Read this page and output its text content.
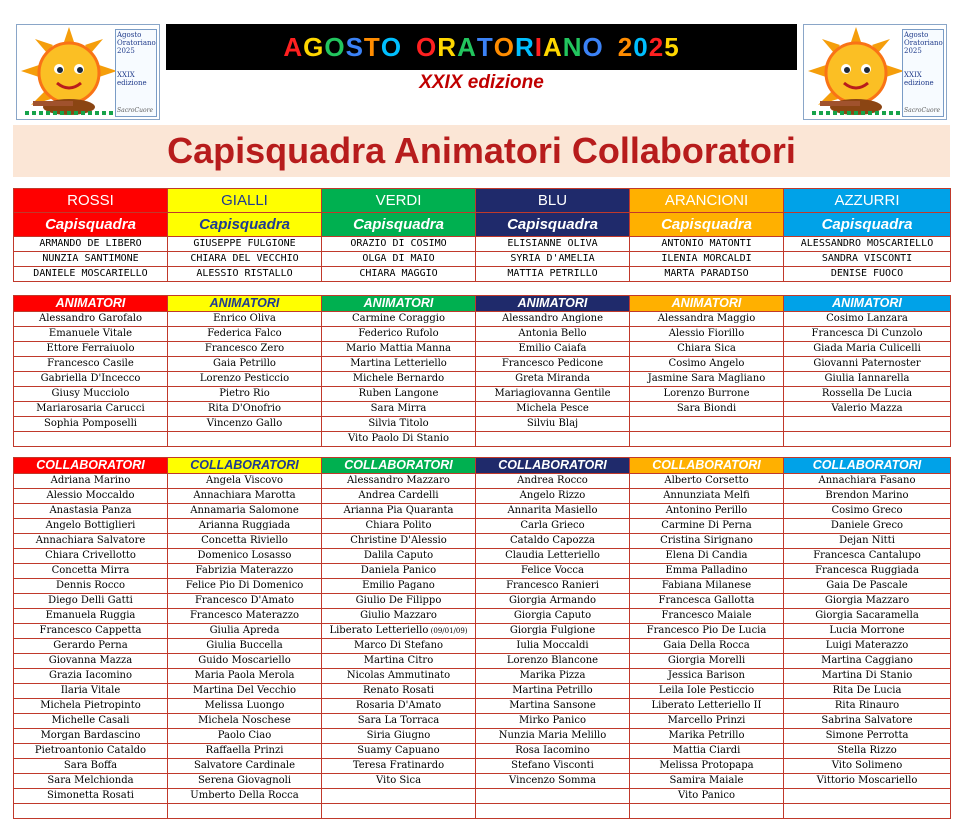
Agosto
Oratoriano
2025
XXIX
edizione
SacroCuore
Agosto
Oratoriano
2025
XXIX
edizione
SacroCuore
AGOSTO ORATORIANO 2025
XXIX edizione
Capisquadra Animatori Collaboratori
ROSSI	GIALLI	VERDI	BLU	ARANCIONI	AZZURRI
Capisquadra	Capisquadra	Capisquadra	Capisquadra	Capisquadra	Capisquadra
ARMANDO DE LIBERO	GIUSEPPE FULGIONE	ORAZIO DI COSIMO	ELISIANNE OLIVA	ANTONIO MATONTI	ALESSANDRO MOSCARIELLO
NUNZIA SANTIMONE	CHIARA DEL VECCHIO	OLGA DI MAIO	SYRIA D'AMELIA	ILENIA MORCALDI	SANDRA VISCONTI
DANIELE MOSCARIELLO	ALESSIO RISTALLO	CHIARA MAGGIO	MATTIA PETRILLO	MARTA PARADISO	DENISE FUOCO
ANIMATORI	ANIMATORI	ANIMATORI	ANIMATORI	ANIMATORI	ANIMATORI
Alessandro Garofalo	Enrico Oliva	Carmine Coraggio	Alessandro Angione	Alessandra Maggio	Cosimo Lanzara
Emanuele Vitale	Federica Falco	Federico Rufolo	Antonia Bello	Alessio Fiorillo	Francesca Di Cunzolo
Ettore Ferraiuolo	Francesco Zero	Mario Mattia Manna	Emilio Caiafa	Chiara Sica	Giada Maria Culicelli
Francesco Casile	Gaia Petrillo	Martina Letteriello	Francesco Pedicone	Cosimo Angelo	Giovanni Paternoster
Gabriella D'Incecco	Lorenzo Pesticcio	Michele Bernardo	Greta Miranda	Jasmine Sara Magliano	Giulia Iannarella
Giusy Mucciolo	Pietro Rio	Ruben Langone	Mariagiovanna Gentile	Lorenzo Burrone	Rossella De Lucia
Mariarosaria Carucci	Rita D'Onofrio	Sara Mirra	Michela Pesce	Sara Biondi	Valerio Mazza
Sophia Pomposelli	Vincenzo Gallo	Silvia Titolo	Silviu Blaj		
		Vito Paolo Di Stanio			
COLLABORATORI	COLLABORATORI	COLLABORATORI	COLLABORATORI	COLLABORATORI	COLLABORATORI
Adriana Marino	Angela Viscovo	Alessandro Mazzaro	Andrea Rocco	Alberto Corsetto	Annachiara Fasano
Alessio Moccaldo	Annachiara Marotta	Andrea Cardelli	Angelo Rizzo	Annunziata Melfi	Brendon Marino
Anastasia Panza	Annamaria Salomone	Arianna Pia Quaranta	Annarita Masiello	Antonino Perillo	Cosimo Greco
Angelo Bottiglieri	Arianna Ruggiada	Chiara Polito	Carla Grieco	Carmine Di Perna	Daniele Greco
Annachiara Salvatore	Concetta Riviello	Christine D'Alessio	Cataldo Capozza	Cristina Sirignano	Dejan Nitti
Chiara Crivellotto	Domenico Losasso	Dalila Caputo	Claudia Letteriello	Elena Di Candia	Francesca Cantalupo
Concetta Mirra	Fabrizia Materazzo	Daniela Panico	Felice Vocca	Emma Palladino	Francesca Ruggiada
Dennis Rocco	Felice Pio Di Domenico	Emilio Pagano	Francesco Ranieri	Fabiana Milanese	Gaia De Pascale
Diego Delli Gatti	Francesco D'Amato	Giulio De Filippo	Giorgia Armando	Francesca Gallotta	Giorgia Mazzaro
Emanuela Ruggia	Francesco Materazzo	Giulio Mazzaro	Giorgia Caputo	Francesco Maiale	Giorgia Sacaramella
Francesco Cappetta	Giulia Apreda	Liberato Letteriello (09/01/09)	Giorgia Fulgione	Francesco Pio De Lucia	Lucia Morrone
Gerardo Perna	Giulia Buccella	Marco Di Stefano	Iulia Moccaldi	Gaia Della Rocca	Luigi Materazzo
Giovanna Mazza	Guido Moscariello	Martina Citro	Lorenzo Blancone	Giorgia Morelli	Martina Caggiano
Grazia Iacomino	Maria Paola Merola	Nicolas Ammutinato	Marika Pizza	Jessica Barison	Martina Di Stanio
Ilaria Vitale	Martina Del Vecchio	Renato Rosati	Martina Petrillo	Leila Iole Pesticcio	Rita De Lucia
Michela Pietropinto	Melissa Luongo	Rosaria D'Amato	Martina Sansone	Liberato Letteriello II	Rita Rinauro
Michelle Casali	Michela Noschese	Sara La Torraca	Mirko Panico	Marcello Prinzi	Sabrina Salvatore
Morgan Bardascino	Paolo Ciao	Siria Giugno	Nunzia Maria Melillo	Marika Petrillo	Simone Perrotta
Pietroantonio Cataldo	Raffaella Prinzi	Suamy Capuano	Rosa Iacomino	Mattia Ciardi	Stella Rizzo
Sara Boffa	Salvatore Cardinale	Teresa Fratinardo	Stefano Visconti	Melissa Protopapa	Vito Solimeno
Sara Melchionda	Serena Giovagnoli	Vito Sica	Vincenzo Somma	Samira Maiale	Vittorio Moscariello
Simonetta Rosati	Umberto Della Rocca			Vito Panico	
